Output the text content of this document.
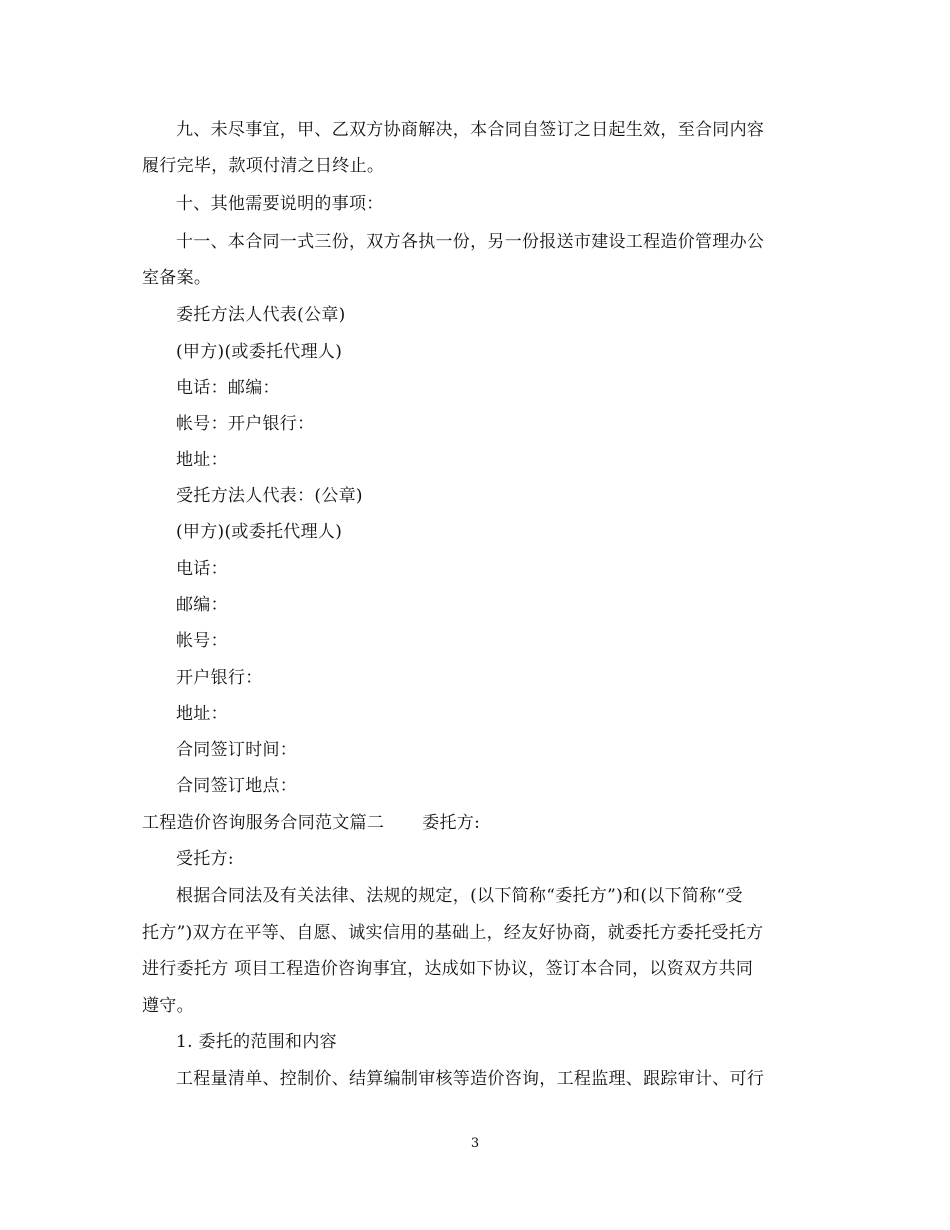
九、未尽事宜，甲、乙双方协商解决，本合同自签订之日起生效，至合同内容
履行完毕，款项付清之日终止。
十、其他需要说明的事项：
十一、本合同一式三份，双方各执一份，另一份报送市建设工程造价管理办公
室备案。
委托方法人代表(公章)
(甲方)(或委托代理人)
电话：邮编：
帐号：开户银行：
地址：
受托方法人代表：(公章)
(甲方)(或委托代理人)
电话：
邮编：
帐号：
开户银行：
地址：
合同签订时间：
合同签订地点：
工程造价咨询服务合同范文篇二 委托方:
受托方:
根据合同法及有关法律、法规的规定，(以下简称“委托方”)和(以下简称“受
托方”)双方在平等、自愿、诚实信用的基础上，经友好协商，就委托方委托受托方
进行委托方 项目工程造价咨询事宜，达成如下协议，签订本合同，以资双方共同
遵守。
1. 委托的范围和内容
工程量清单、控制价、结算编制审核等造价咨询，工程监理、跟踪审计、可行
3
